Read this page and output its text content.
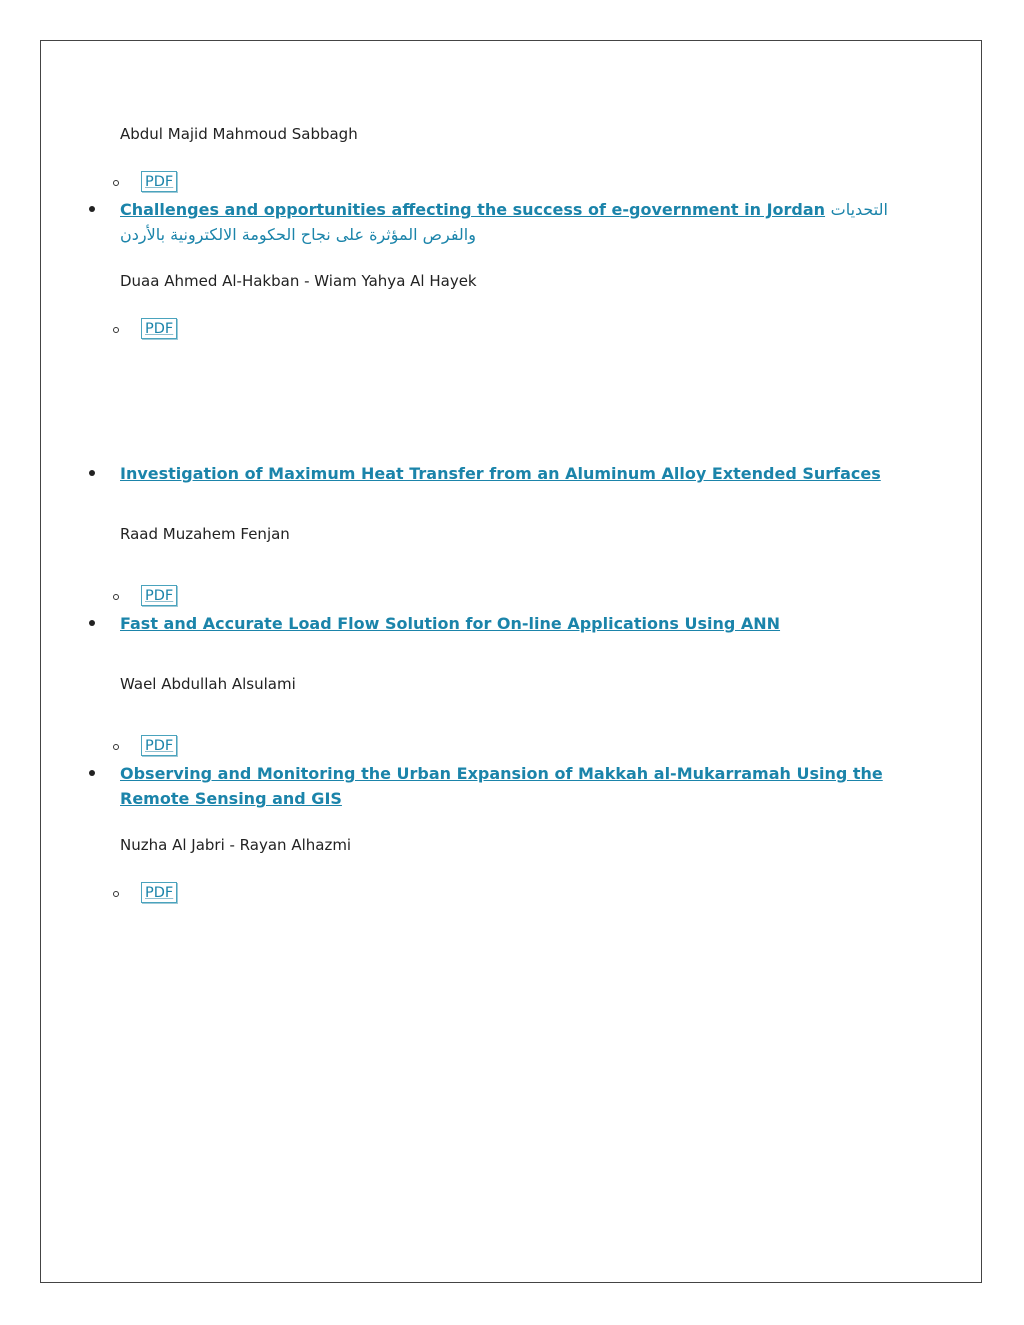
Abdul Majid Mahmoud Sabbagh
PDF
Challenges and opportunities affecting the success of e-government in Jordan التحديات والفرص المؤثرة على نجاح الحكومة الالكترونية بالأردن
Duaa Ahmed Al-Hakban - Wiam Yahya Al Hayek
PDF
Investigation of Maximum Heat Transfer from an Aluminum Alloy Extended Surfaces
Raad Muzahem Fenjan
PDF
Fast and Accurate Load Flow Solution for On-line Applications Using ANN
Wael Abdullah Alsulami
PDF
Observing and Monitoring the Urban Expansion of Makkah al-Mukarramah Using the Remote Sensing and GIS
Nuzha Al Jabri - Rayan Alhazmi
PDF
